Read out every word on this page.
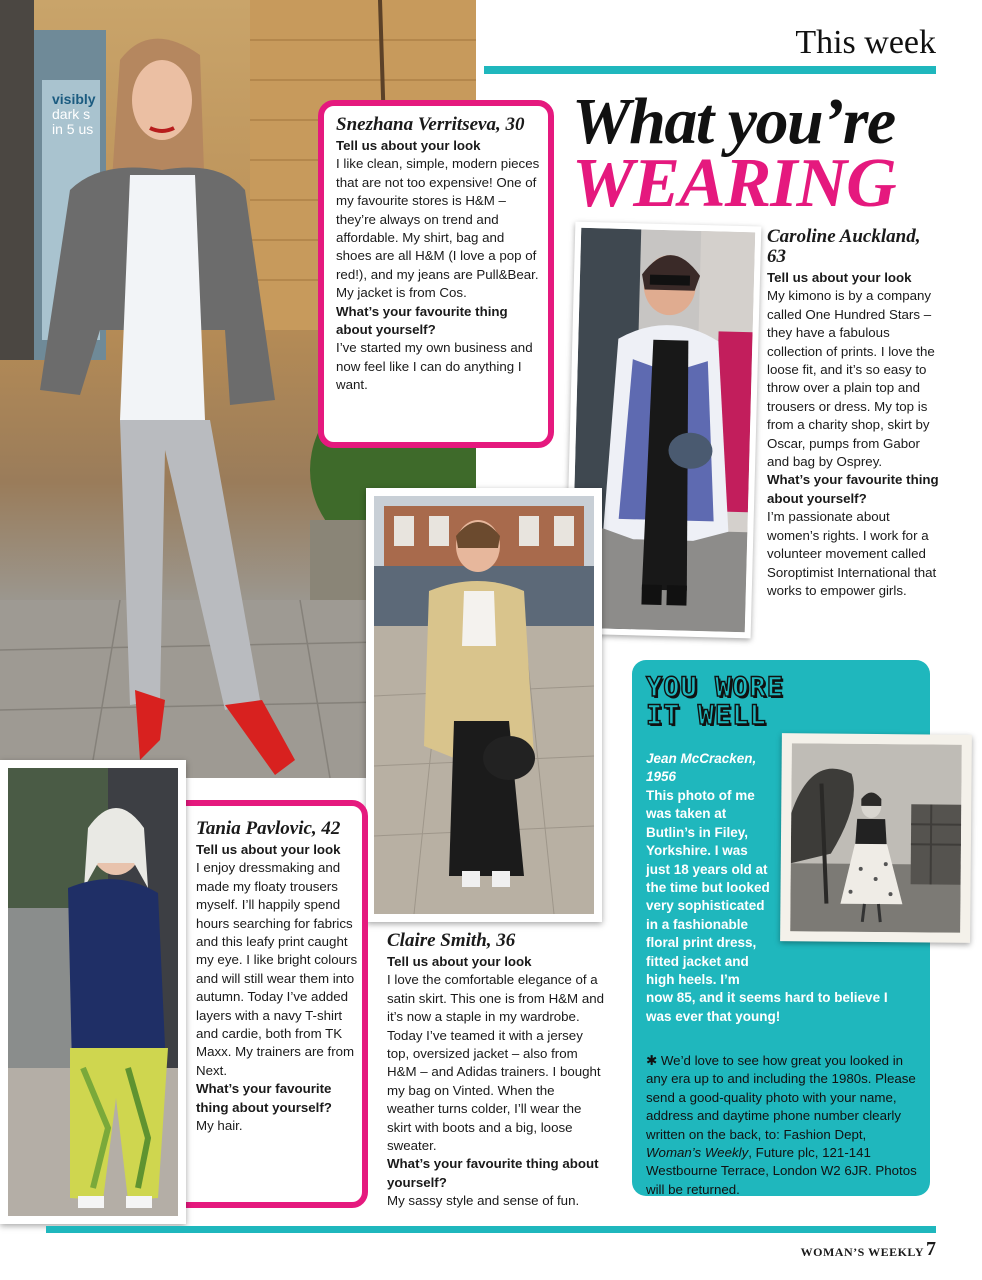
This week
visibly
dark s
in 5 us	Snezhana Verritseva, 30
Tell us about your look
I like clean, simple, modern pieces that are not too expensive! One of my favourite stores is H&M – they’re always on trend and affordable. My shirt, bag and shoes are all H&M (I love a pop of red!), and my jeans are Pull&Bear. My jacket is from Cos.
What’s your favourite thing about yourself?
I’ve started my own business and now feel like I can do anything I want.
What you’re
WEARING
Caroline Auckland, 63
Tell us about your look
My kimono is by a company called One Hundred Stars – they have a fabulous collection of prints. I love the loose fit, and it’s so easy to throw over a plain top and trousers or dress. My top is from a charity shop, skirt by Oscar, pumps from Gabor and bag by Osprey.
What’s your favourite thing about yourself?
I’m passionate about women’s rights. I work for a volunteer movement called Soroptimist International that works to empower girls.
Claire Smith, 36
Tell us about your look
I love the comfortable elegance of a satin skirt. This one is from H&M and it’s now a staple in my wardrobe. Today I’ve teamed it with a jersey top, oversized jacket – also from H&M – and Adidas trainers. I bought my bag on Vinted. When the weather turns colder, I’ll wear the skirt with boots and a big, loose sweater.
What’s your favourite thing about yourself?
My sassy style and sense of fun.
Tania Pavlovic, 42
Tell us about your look
I enjoy dressmaking and made my floaty trousers myself. I’ll happily spend hours searching for fabrics and this leafy print caught my eye. I like bright colours and will still wear them into autumn. Today I’ve added layers with a navy T-shirt and cardie, both from TK Maxx. My trainers are from Next.
What’s your favourite thing about yourself?
My hair.
YOU WORE
IT WELL
Jean McCracken, 1956
This photo of me was taken at Butlin’s in Filey, Yorkshire. I was just 18 years old at the time but looked very sophisticated in a fashionable floral print dress, fitted jacket and high heels. I’m
now 85, and it seems hard to believe I was ever that young!
✱ We’d love to see how great you looked in any era up to and including the 1980s. Please send a good-quality photo with your name, address and daytime phone number clearly written on the back, to: Fashion Dept, Woman’s Weekly, Future plc, 121-141 Westbourne Terrace, London W2 6JR. Photos will be returned.
WOMAN’S WEEKLY 7
